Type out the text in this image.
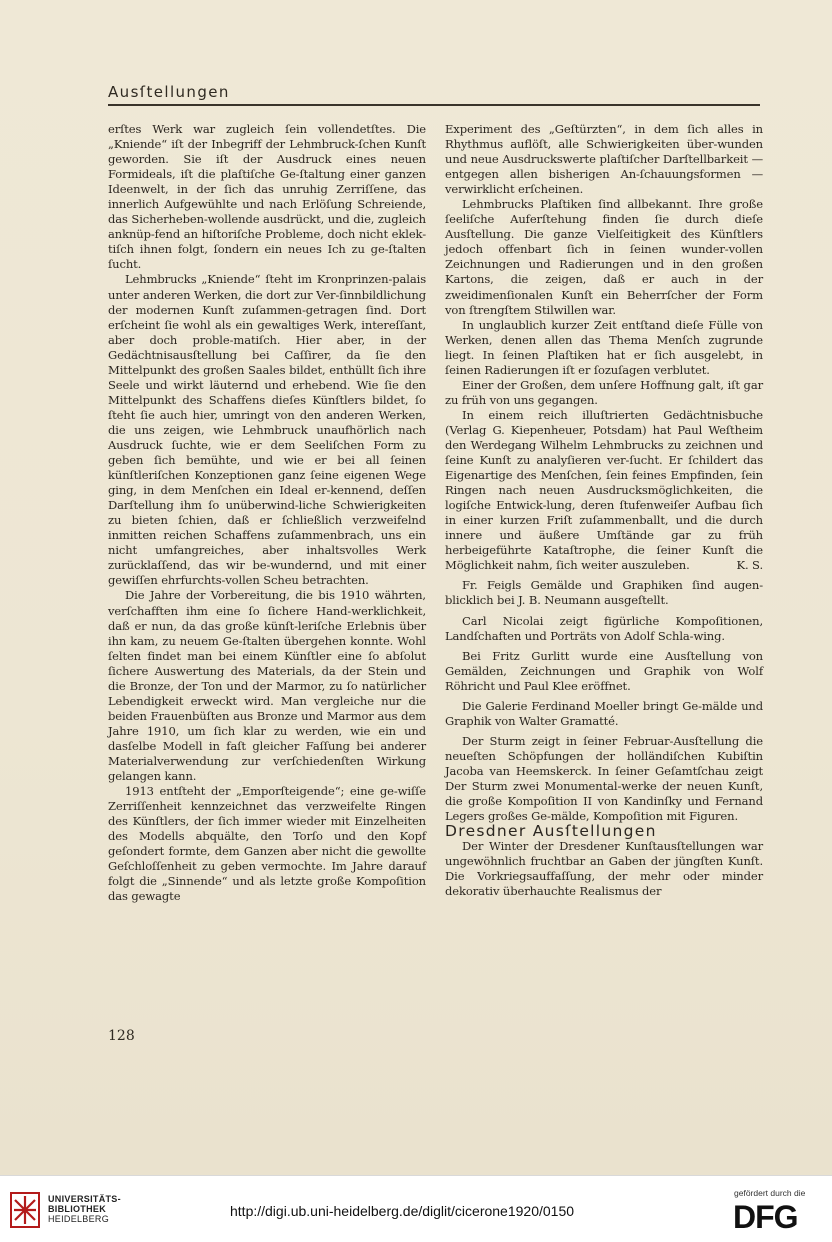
Ausſtellungen

erſtes Werk war zugleich ſein vollendetſtes. Die „Kniende“ iſt der Inbegriff der Lehmbruck-ſchen Kunſt geworden. Sie iſt der Ausdruck eines neuen Formideals, iſt die plaſtiſche Ge-ſtaltung einer ganzen Ideenwelt, in der ſich das unruhig Zerriſſene, das innerlich Aufgewühlte und nach Erlöſung Schreiende, das Sicherheben-wollende ausdrückt, und die, zugleich anknüp-fend an hiſtoriſche Probleme, doch nicht eklek-tiſch ihnen folgt, ſondern ein neues Ich zu ge-ſtalten ſucht.

Lehmbrucks „Kniende“ ſteht im Kronprinzen-palais unter anderen Werken, die dort zur Ver-ſinnbildlichung der modernen Kunſt zuſammen-getragen ſind. Dort erſcheint ſie wohl als ein gewaltiges Werk, intereſſant, aber doch proble-matiſch. Hier aber, in der Gedächtnisausſtellung bei Caſſirer, da ſie den Mittelpunkt des großen Saales bildet, enthüllt ſich ihre Seele und wirkt läuternd und erhebend. Wie ſie den Mittelpunkt des Schaffens dieſes Künſtlers bildet, ſo ſteht ſie auch hier, umringt von den anderen Werken, die uns zeigen, wie Lehmbruck unaufhörlich nach Ausdruck ſuchte, wie er dem Seeliſchen Form zu geben ſich bemühte, und wie er bei all ſeinen künſtleriſchen Konzeptionen ganz ſeine eigenen Wege ging, in dem Menſchen ein Ideal er-kennend, deſſen Darſtellung ihm ſo unüberwind-liche Schwierigkeiten zu bieten ſchien, daß er ſchließlich verzweifelnd inmitten reichen Schaffens zuſammenbrach, uns ein nicht umfangreiches, aber inhaltsvolles Werk zurücklaſſend, das wir be-wundernd, und mit einer gewiſſen ehrfurchts-vollen Scheu betrachten.

Die Jahre der Vorbereitung, die bis 1910 währten, verſchafften ihm eine ſo ſichere Hand-werklichkeit, daß er nun, da das große künſt-leriſche Erlebnis über ihn kam, zu neuem Ge-ſtalten übergehen konnte. Wohl ſelten findet man bei einem Künſtler eine ſo abſolut ſichere Auswertung des Materials, da der Stein und die Bronze, der Ton und der Marmor, zu ſo natürlicher Lebendigkeit erweckt wird. Man vergleiche nur die beiden Frauenbüſten aus Bronze und Marmor aus dem Jahre 1910, um ſich klar zu werden, wie ein und dasſelbe Modell in faſt gleicher Faſſung bei anderer Materialverwendung zur verſchiedenſten Wirkung gelangen kann.

1913 entſteht der „Emporſteigende“; eine ge-wiſſe Zerriſſenheit kennzeichnet das verzweifelte Ringen des Künſtlers, der ſich immer wieder mit Einzelheiten des Modells abquälte, den Torſo und den Kopf geſondert formte, dem Ganzen aber nicht die gewollte Geſchloſſenheit zu geben vermochte. Im Jahre darauf folgt die „Sinnende“ und als letzte große Kompoſition das gewagte

Experiment des „Geſtürzten“, in dem ſich alles in Rhythmus auflöſt, alle Schwierigkeiten über-wunden und neue Ausdruckswerte plaſtiſcher Darſtellbarkeit — entgegen allen bisherigen An-ſchauungsformen — verwirklicht erſcheinen.

Lehmbrucks Plaſtiken ſind allbekannt. Ihre große ſeeliſche Auferſtehung finden ſie durch dieſe Ausſtellung. Die ganze Vielſeitigkeit des Künſtlers jedoch offenbart ſich in ſeinen wunder-vollen Zeichnungen und Radierungen und in den großen Kartons, die zeigen, daß er auch in der zweidimenſionalen Kunſt ein Beherrſcher der Form von ſtrengſtem Stilwillen war.

In unglaublich kurzer Zeit entſtand dieſe Fülle von Werken, denen allen das Thema Menſch zugrunde liegt. In ſeinen Plaſtiken hat er ſich ausgelebt, in ſeinen Radierungen iſt er ſozuſagen verblutet.

Einer der Großen, dem unſere Hoffnung galt, iſt gar zu früh von uns gegangen.

In einem reich illuſtrierten Gedächtnisbuche (Verlag G. Kiepenheuer, Potsdam) hat Paul Weſtheim den Werdegang Wilhelm Lehmbrucks zu zeichnen und ſeine Kunſt zu analyſieren ver-ſucht. Er ſchildert das Eigenartige des Menſchen, ſein feines Empfinden, ſein Ringen nach neuen Ausdrucksmöglichkeiten, die logiſche Entwick-lung, deren ſtufenweiſer Aufbau ſich in einer kurzen Friſt zuſammenballt, und die durch innere und äußere Umſtände gar zu früh herbeigeführte Kataſtrophe, die ſeiner Kunſt die Möglichkeit nahm, ſich weiter auszuleben.	K. S.

Fr. Feigls Gemälde und Graphiken ſind augen-blicklich bei J. B. Neumann ausgeſtellt.

Carl Nicolai zeigt figürliche Kompoſitionen, Landſchaften und Porträts von Adolf Schla-wing.

Bei Fritz Gurlitt wurde eine Ausſtellung von Gemälden, Zeichnungen und Graphik von Wolf Röhricht und Paul Klee eröffnet.

Die Galerie Ferdinand Moeller bringt Ge-mälde und Graphik von Walter Gramatté.

Der Sturm zeigt in ſeiner Februar-Ausſtellung die neueſten Schöpfungen der holländiſchen Kubiſtin Jacoba van Heemskerck. In ſeiner Geſamtſchau zeigt Der Sturm zwei Monumental-werke der neuen Kunſt, die große Kompoſition II von Kandinſky und Fernand Legers großes Ge-mälde, Kompoſition mit Figuren.

Dresdner Ausſtellungen

Der Winter der Dresdener Kunſtausſtellungen war ungewöhnlich fruchtbar an Gaben der jüngſten Kunſt. Die Vorkriegsauffaſſung, der mehr oder minder dekorativ überhauchte Realismus der

128
UNIVERSITÄTS-
BIBLIOTHEK
HEIDELBERG	http://digi.ub.uni-heidelberg.de/diglit/cicerone1920/0150
gefördert durch die
DFG
